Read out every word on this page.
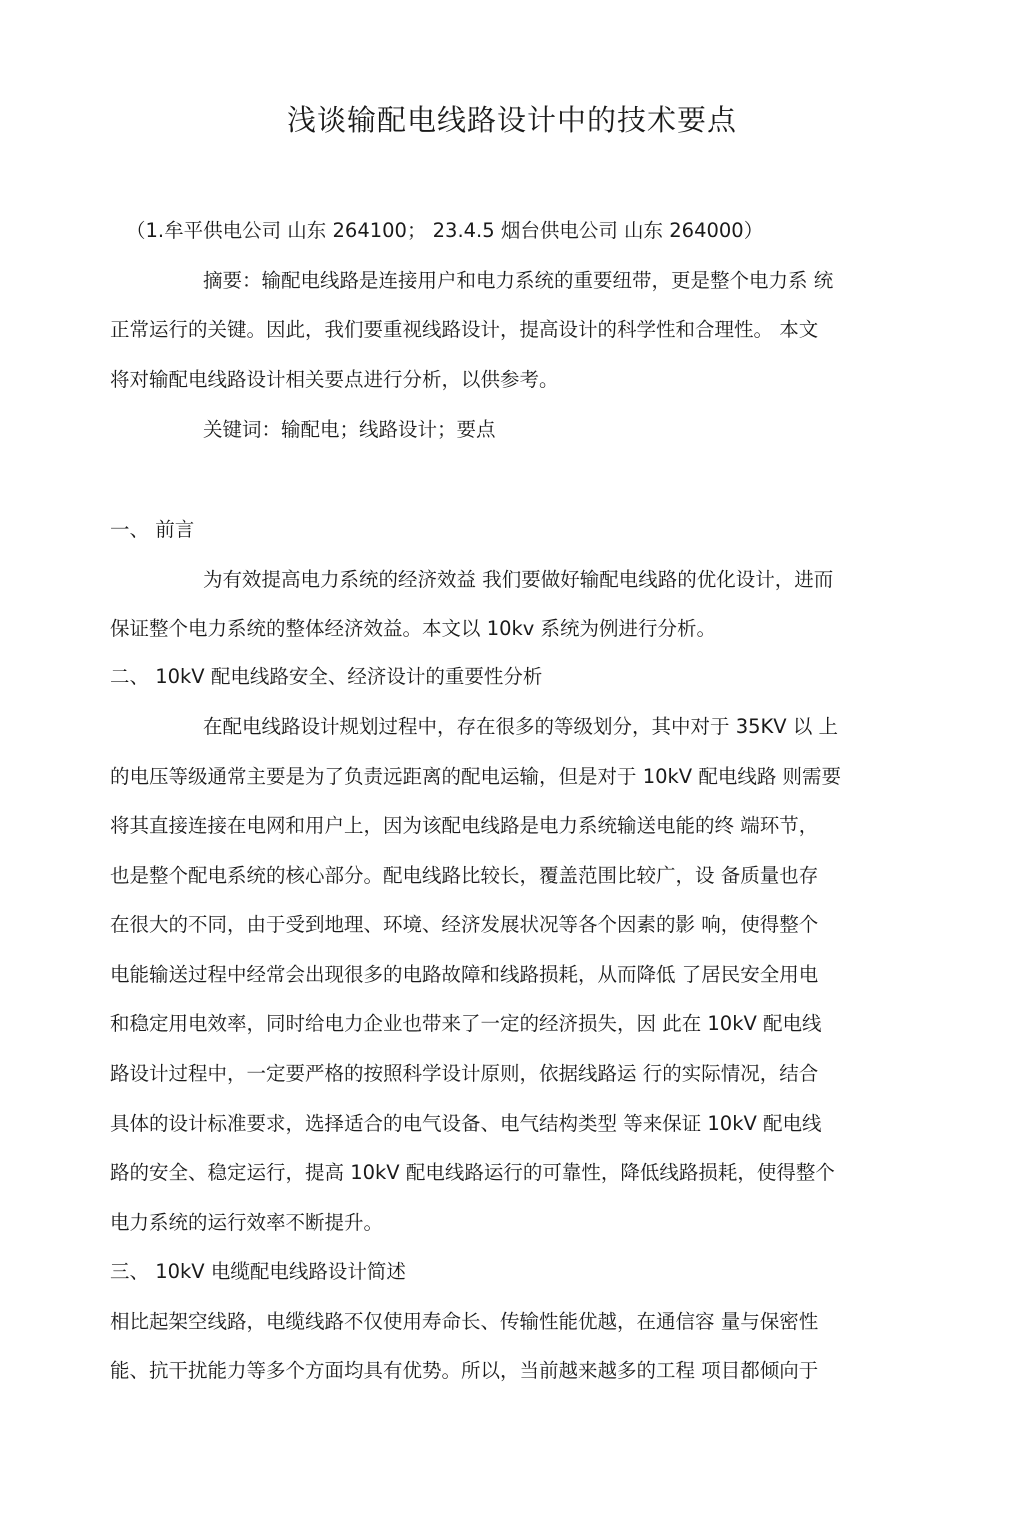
浅谈输配电线路设计中的技术要点

（1.牟平供电公司 山东 264100； 23.4.5 烟台供电公司 山东 264000）

摘要：输配电线路是连接用户和电力系统的重要纽带，更是整个电力系 统

正常运行的关键。因此，我们要重视线路设计，提高设计的科学性和合理性。 本文

将对输配电线路设计相关要点进行分析，以供参考。

关键词：输配电；线路设计；要点

一、 前言

为有效提高电力系统的经济效益 我们要做好输配电线路的优化设计，进而

保证整个电力系统的整体经济效益。本文以 10kv 系统为例进行分析。

二、 10kV 配电线路安全、经济设计的重要性分析

在配电线路设计规划过程中，存在很多的等级划分，其中对于 35KV 以 上

的电压等级通常主要是为了负责远距离的配电运输，但是对于 10kV 配电线路 则需要

将其直接连接在电网和用户上，因为该配电线路是电力系统输送电能的终 端环节，

也是整个配电系统的核心部分。配电线路比较长，覆盖范围比较广，设 备质量也存

在很大的不同，由于受到地理、环境、经济发展状况等各个因素的影 响，使得整个

电能输送过程中经常会出现很多的电路故障和线路损耗，从而降低 了居民安全用电

和稳定用电效率，同时给电力企业也带来了一定的经济损失，因 此在 10kV 配电线

路设计过程中，一定要严格的按照科学设计原则，依据线路运 行的实际情况，结合

具体的设计标准要求，选择适合的电气设备、电气结构类型 等来保证 10kV 配电线

路的安全、稳定运行，提高 10kV 配电线路运行的可靠性，降低线路损耗，使得整个

电力系统的运行效率不断提升。

三、 10kV 电缆配电线路设计简述

相比起架空线路，电缆线路不仅使用寿命长、传输性能优越，在通信容 量与保密性

能、抗干扰能力等多个方面均具有优势。所以，当前越来越多的工程 项目都倾向于
